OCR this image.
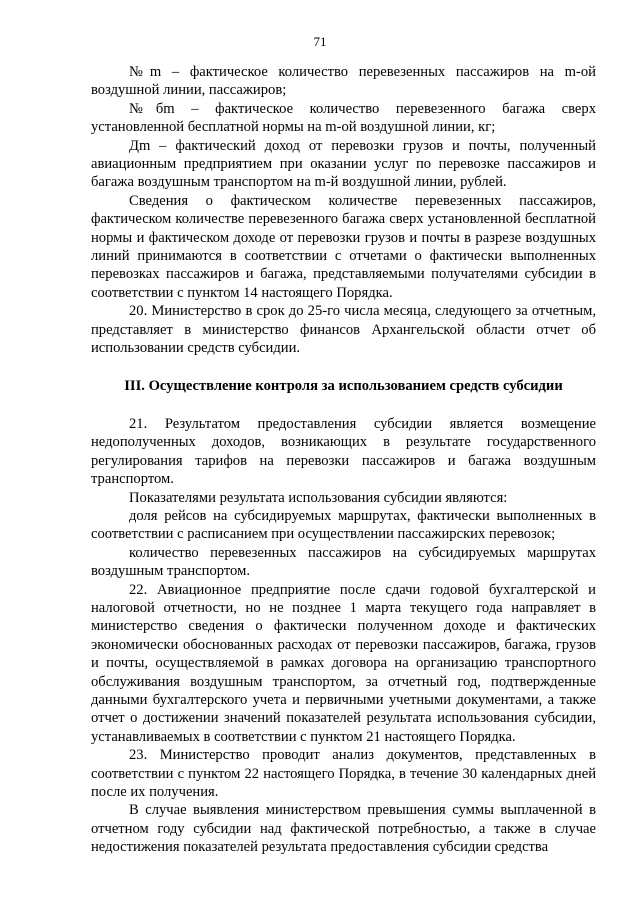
71

№m – фактическое количество перевезенных пассажиров на m-ой воздушной линии, пассажиров;

№бm – фактическое количество перевезенного багажа сверх установленной бесплатной нормы на m-ой воздушной линии, кг;

Дm – фактический доход от перевозки грузов и почты, полученный авиационным предприятием при оказании услуг по перевозке пассажиров и багажа воздушным транспортом на m-й воздушной линии, рублей.

Сведения о фактическом количестве перевезенных пассажиров, фактическом количестве перевезенного багажа сверх установленной бесплатной нормы и фактическом доходе от перевозки грузов и почты в разрезе воздушных линий принимаются в соответствии с отчетами о фактически выполненных перевозках пассажиров и багажа, представляемыми получателями субсидии в соответствии с пунктом 14 настоящего Порядка.

20. Министерство в срок до 25-го числа месяца, следующего за отчетным, представляет в министерство финансов Архангельской области отчет об использовании средств субсидии.

III. Осуществление контроля за использованием средств субсидии

21. Результатом предоставления субсидии является возмещение недополученных доходов, возникающих в результате государственного регулирования тарифов на перевозки пассажиров и багажа воздушным транспортом.

Показателями результата использования субсидии являются:

доля рейсов на субсидируемых маршрутах, фактически выполненных в соответствии с расписанием при осуществлении пассажирских перевозок;

количество перевезенных пассажиров на субсидируемых маршрутах воздушным транспортом.

22. Авиационное предприятие после сдачи годовой бухгалтерской и налоговой отчетности, но не позднее 1 марта текущего года направляет в министерство сведения о фактически полученном доходе и фактических экономически обоснованных расходах от перевозки пассажиров, багажа, грузов и почты, осуществляемой в рамках договора на организацию транспортного обслуживания воздушным транспортом, за отчетный год, подтвержденные данными бухгалтерского учета и первичными учетными документами, а также отчет о достижении значений показателей результата использования субсидии, устанавливаемых в соответствии с пунктом 21 настоящего Порядка.

23. Министерство проводит анализ документов, представленных в соответствии с пунктом 22 настоящего Порядка, в течение 30 календарных дней после их получения.

В случае выявления министерством превышения суммы выплаченной в отчетном году субсидии над фактической потребностью, а также в случае недостижения показателей результата предоставления субсидии средства
